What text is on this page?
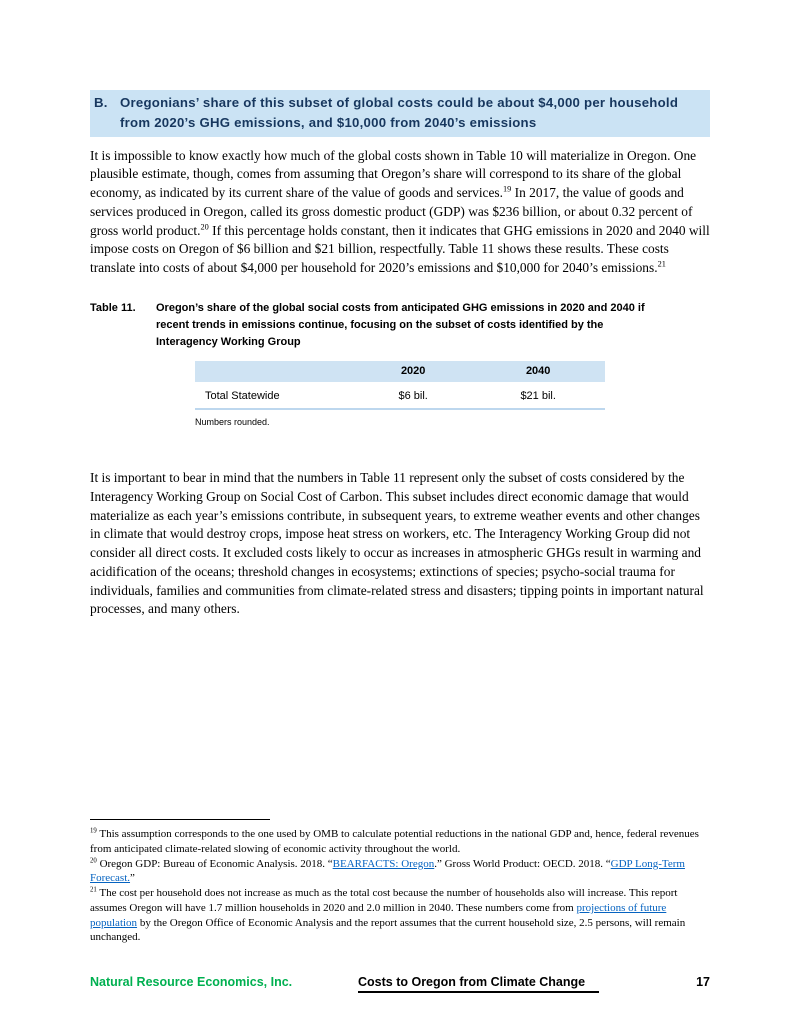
B. Oregonians’ share of this subset of global costs could be about $4,000 per household from 2020’s GHG emissions, and $10,000 from 2040’s emissions

It is impossible to know exactly how much of the global costs shown in Table 10 will materialize in Oregon. One plausible estimate, though, comes from assuming that Oregon’s share will correspond to its share of the global economy, as indicated by its current share of the value of goods and services.$^{19}$ In 2017, the value of goods and services produced in Oregon, called its gross domestic product (GDP) was $236 billion, or about 0.32 percent of gross world product.$^{20}$ If this percentage holds constant, then it indicates that GHG emissions in 2020 and 2040 will impose costs on Oregon of $6 billion and $21 billion, respectfully. Table 11 shows these results. These costs translate into costs of about $4,000 per household for 2020’s emissions and $10,000 for 2040’s emissions.$^{21}$

Table 11.	Oregon’s share of the global social costs from anticipated GHG emissions in 2020 and 2040 if recent trends in emissions continue, focusing on the subset of costs identified by the Interagency Working Group
	2020	2040
Total Statewide	$6 bil.	$21 bil.
Numbers rounded.

It is important to bear in mind that the numbers in Table 11 represent only the subset of costs considered by the Interagency Working Group on Social Cost of Carbon. This subset includes direct economic damage that would materialize as each year’s emissions contribute, in subsequent years, to extreme weather events and other changes in climate that would destroy crops, impose heat stress on workers, etc. The Interagency Working Group did not consider all direct costs. It excluded costs likely to occur as increases in atmospheric GHGs result in warming and acidification of the oceans; threshold changes in ecosystems; extinctions of species; psycho-social trauma for individuals, families and communities from climate-related stress and disasters; tipping points in important natural processes, and many others.

$^{19}$ This assumption corresponds to the one used by OMB to calculate potential reductions in the national GDP and, hence, federal revenues from anticipated climate-related slowing of economic activity throughout the world.

$^{20}$ Oregon GDP: Bureau of Economic Analysis. 2018. “BEARFACTS: Oregon.” Gross World Product: OECD. 2018. “GDP Long-Term Forecast.”

$^{21}$ The cost per household does not increase as much as the total cost because the number of households also will increase. This report assumes Oregon will have 1.7 million households in 2020 and 2.0 million in 2040. These numbers come from projections of future population by the Oregon Office of Economic Analysis and the report assumes that the current household size, 2.5 persons, will remain unchanged.

Natural Resource Economics, Inc.	Costs to Oregon from Climate Change	17
